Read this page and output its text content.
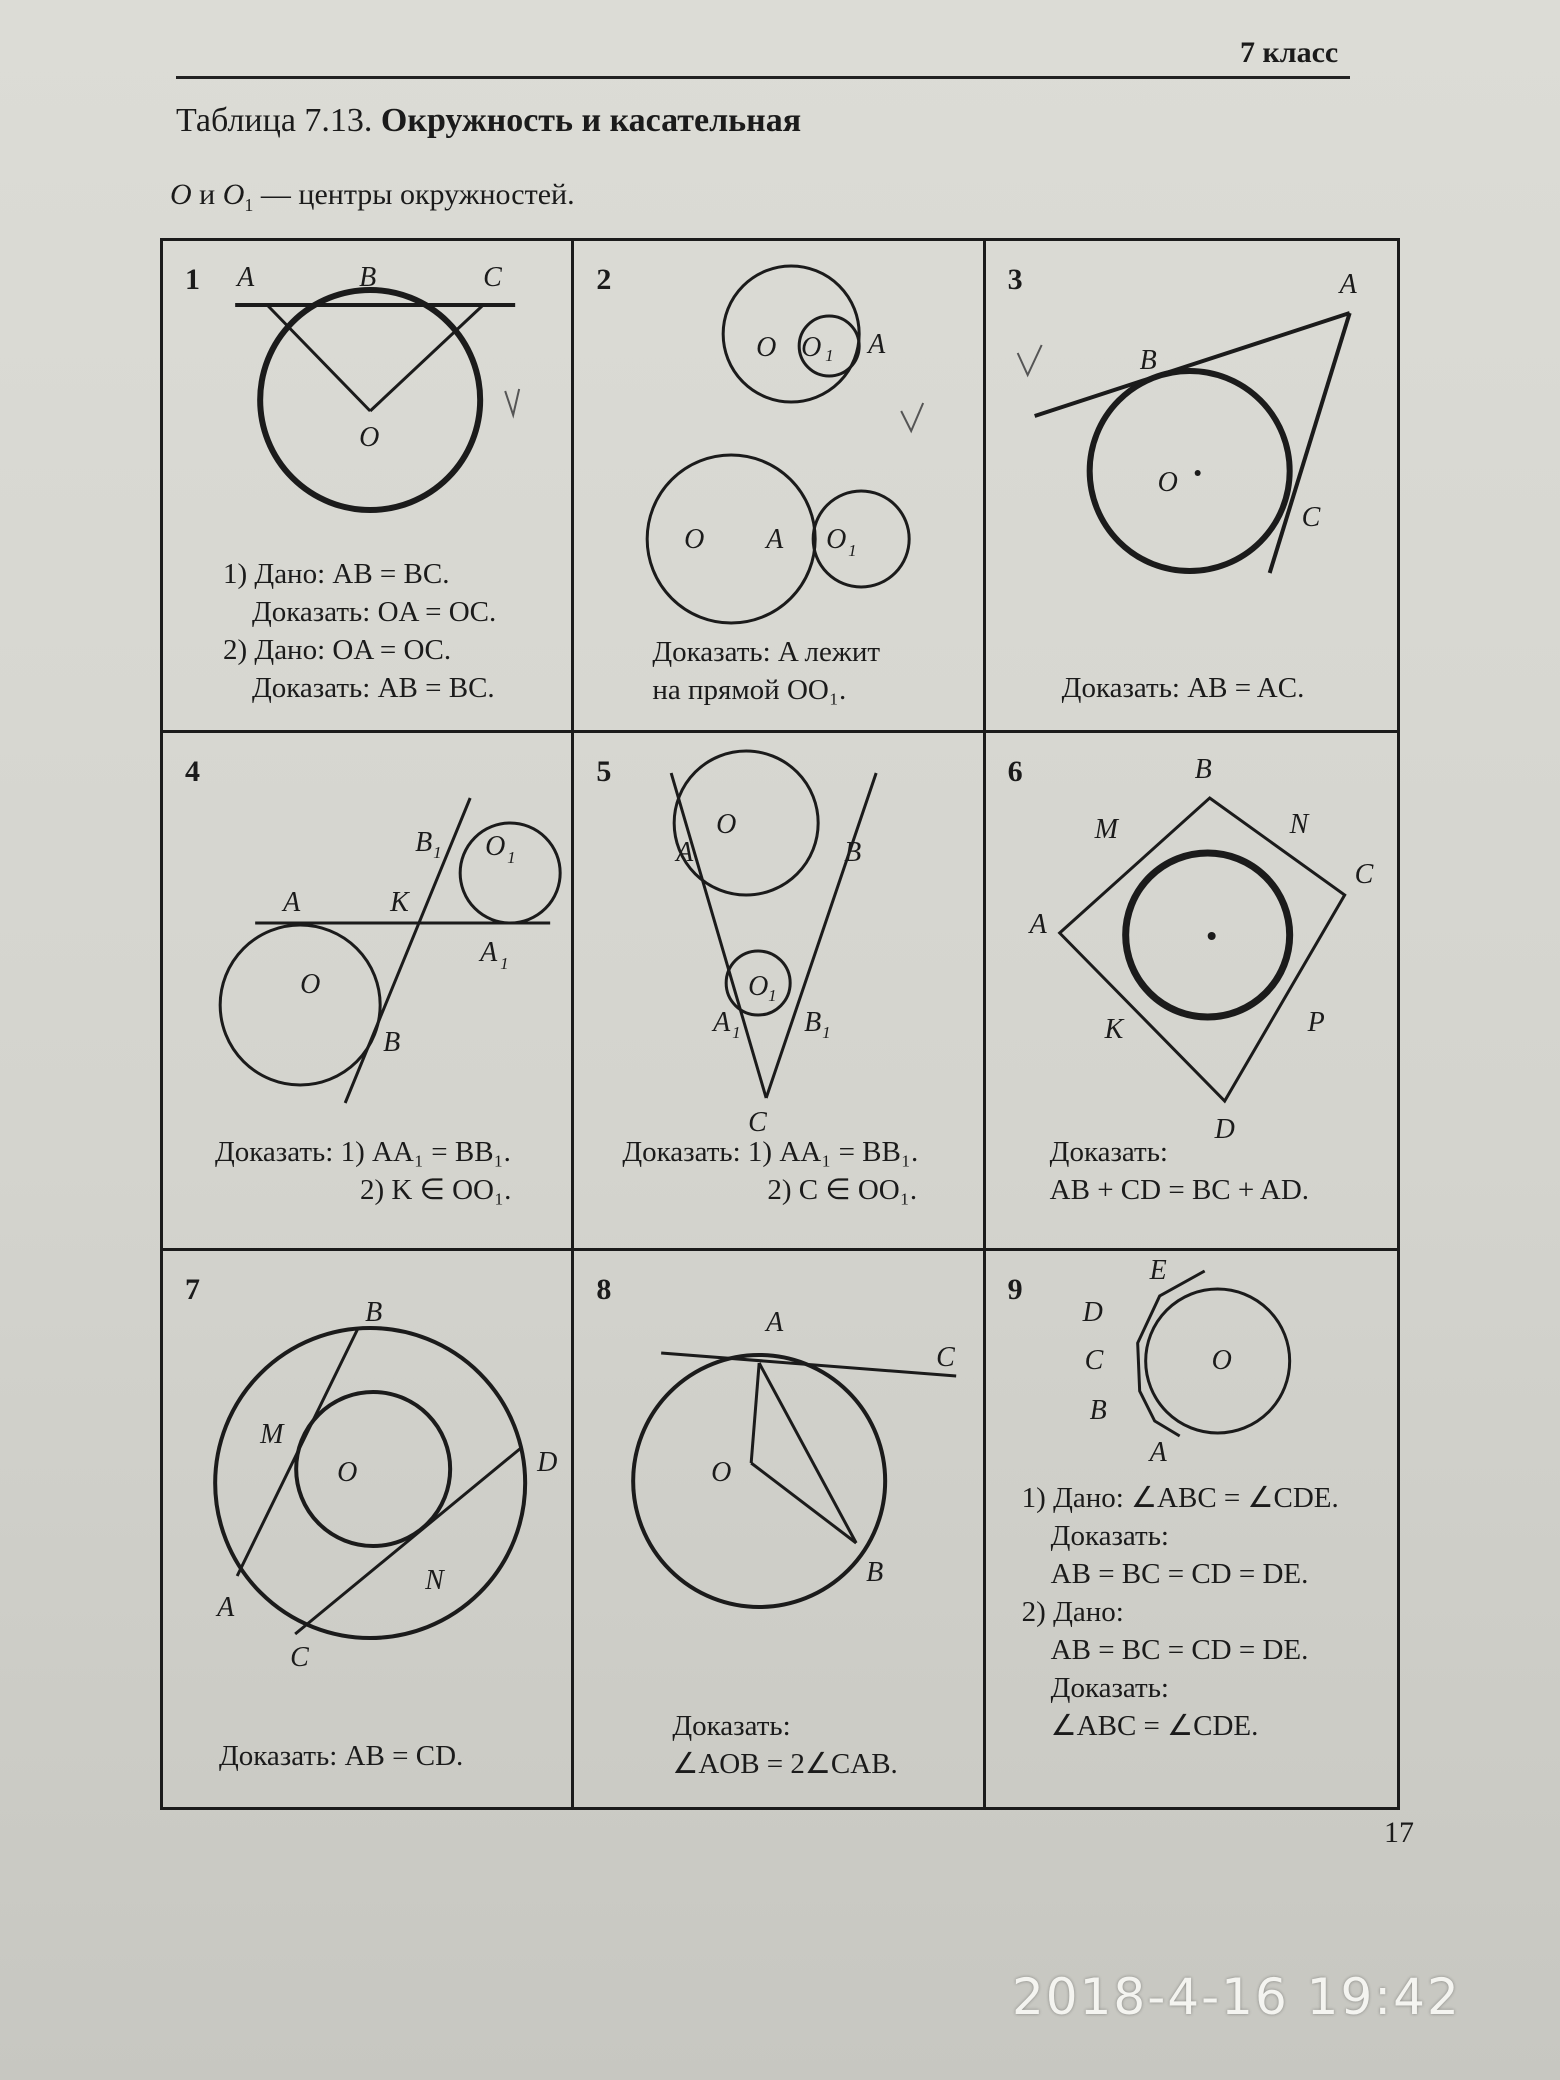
7 класс
Таблица 7.13. Окружность и касательная
O и $O_1$ — центры окружностей.
1 A	B	C
O
1) Дано: AB = BC.
Доказать: OA = OC.
2) Дано: OA = OC.
Доказать: AB = BC.
2
O O 1 A
O A O 1
Доказать: A лежит
на прямой OO₁.
3	A
B
C
O
Доказать: AB = AC.
4
A	K
B 1 O 1
A 1
O
B
Доказать: 1) AA₁ = BB₁.
2) K ∈ OO₁.
5
O
A	B
O 1
A 1 B 1
C
Доказать: 1) AA₁ = BB₁.
2) C ∈ OO₁.
6	B
M	N
A
C
K	P
D
Доказать:
AB + CD = BC + AD.
7
B
M
O	D
N
A
C
Доказать: AB = CD.
8
A
C
O
B
Доказать:
∠AOB = 2∠CAB.
9
E
D
C	O
B
A
1) Дано: ∠ABC = ∠CDE.
Доказать:
AB = BC = CD = DE.
2) Дано:
AB = BC = CD = DE.
Доказать:
∠ABC = ∠CDE.
17
2018-4-16 19:42
